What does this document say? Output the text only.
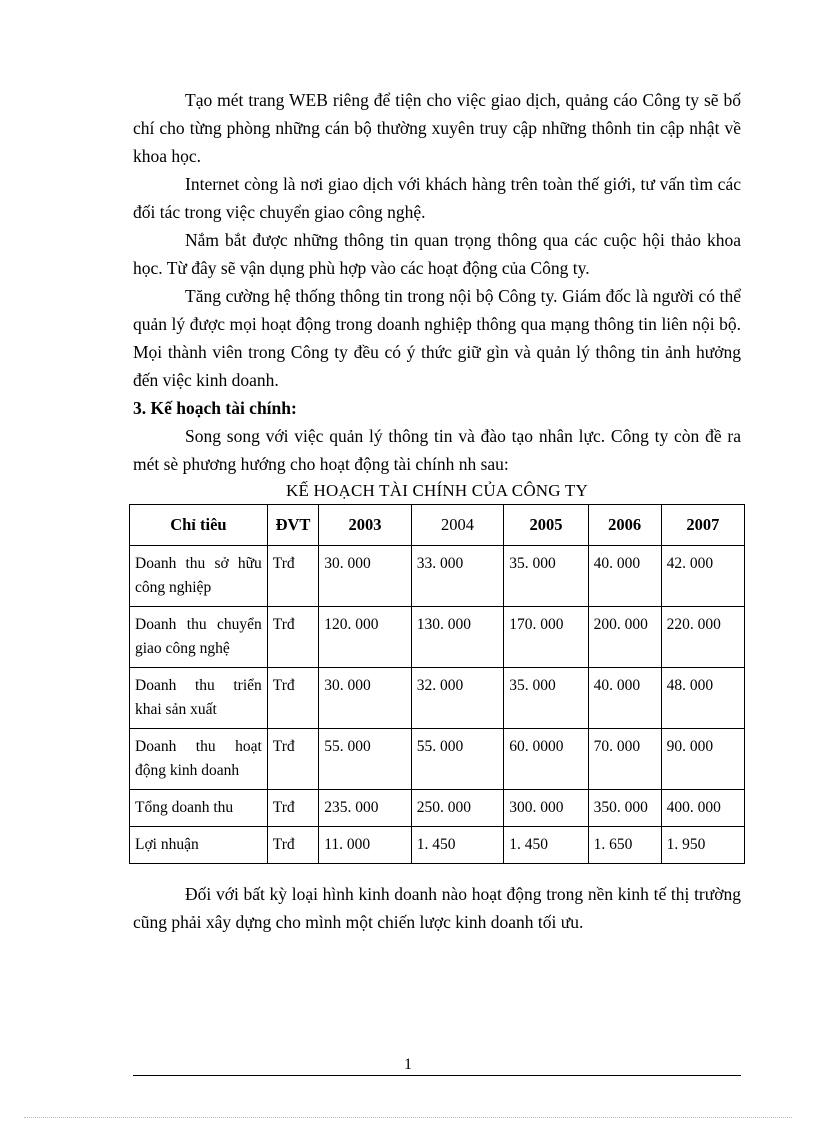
Tạo mét trang WEB riêng để tiện cho việc giao dịch, quảng cáo Công ty sẽ bố chí cho từng phòng những cán bộ thường xuyên truy cập những thônh tin cập nhật về khoa học.

Internet còng là nơi giao dịch với khách hàng trên toàn thế giới, tư vấn tìm các đối tác trong việc chuyển giao công nghệ.

Nắm bắt được những thông tin quan trọng thông qua các cuộc hội thảo khoa học. Từ đây sẽ vận dụng phù hợp vào các hoạt động của Công ty.

Tăng cường hệ thống thông tin trong nội bộ Công ty. Giám đốc là người có thể quản lý được mọi hoạt động trong doanh nghiệp thông qua mạng thông tin liên nội bộ. Mọi thành viên trong Công ty đều có ý thức giữ gìn và quản lý thông tin ảnh hưởng đến việc kinh doanh.

3. Kế hoạch tài chính:

Song song với việc quản lý thông tin và đào tạo nhân lực. Công ty còn đề ra mét sè phương hướng cho hoạt động tài chính nh sau:

KẾ HOẠCH TÀI CHÍNH CỦA CÔNG TY

Chỉ tiêu	ĐVT	2003	2004	2005	2006	2007
Doanh thu sở hữu công nghiệp	Trđ	30. 000	33. 000	35. 000	40. 000	42. 000
Doanh thu chuyển giao công nghệ	Trđ	120. 000	130. 000	170. 000	200. 000	220. 000
Doanh thu triển khai sản xuất	Trđ	30. 000	32. 000	35. 000	40. 000	48. 000
Doanh thu hoạt động kinh doanh	Trđ	55. 000	55. 000	60. 0000	70. 000	90. 000
Tổng doanh thu	Trđ	235. 000	250. 000	300. 000	350. 000	400. 000
Lợi nhuận	Trđ	11. 000	1. 450	1. 450	1. 650	1. 950

Đối với bất kỳ loại hình kinh doanh nào hoạt động trong nền kinh tế thị trường cũng phải xây dựng cho mình một chiến lược kinh doanh tối ưu.

1
